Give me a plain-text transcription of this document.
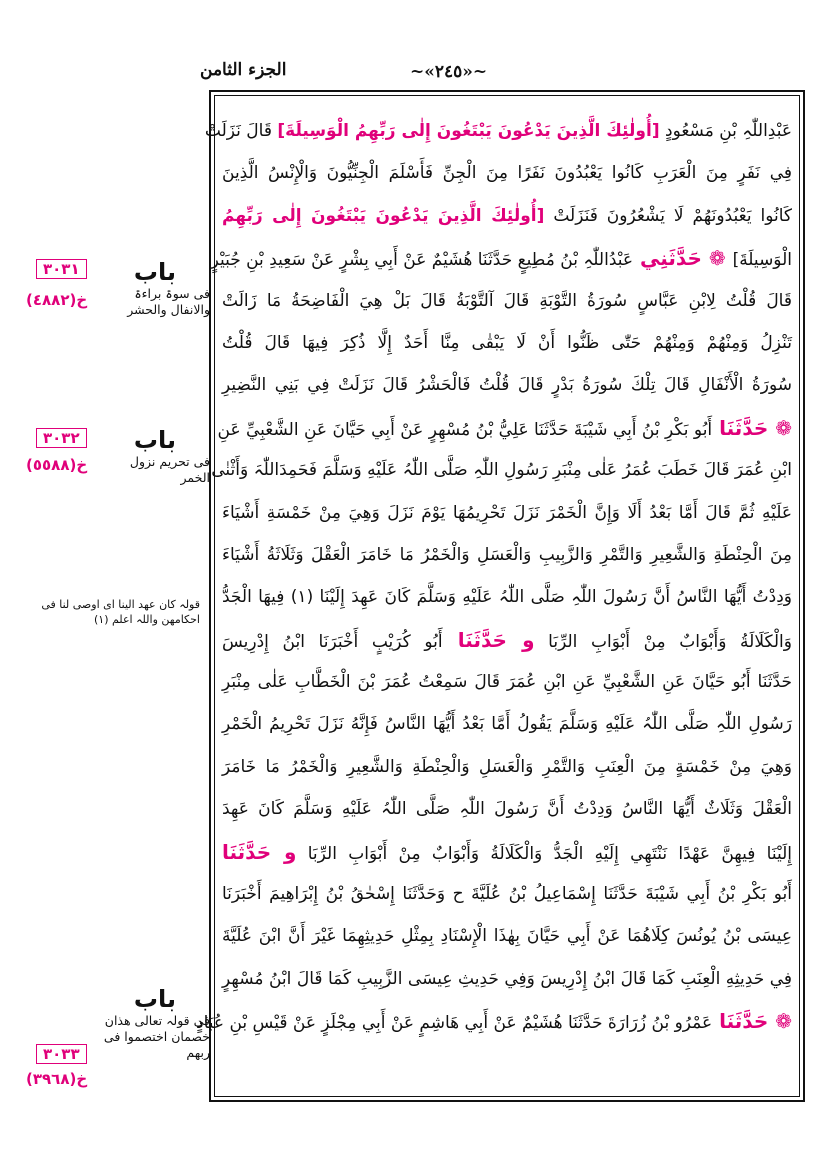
الجزء الثامن	~«٢٤٥»~
عَبْدِاللّٰہِ بْنِ مَسْعُودٍ [أُولٰئِكَ الَّذِينَ يَدْعُونَ يَبْتَغُونَ إِلٰى رَبِّهِمُ الْوَسِيلَةَ] قَالَ نَزَلَتْ
فِي نَفَرٍ مِنَ الْعَرَبِ كَانُوا يَعْبُدُونَ نَفَرًا مِنَ الْجِنِّ فَأَسْلَمَ الْجِنِّيُّونَ وَالْإِنْسُ الَّذِينَ
كَانُوا يَعْبُدُونَهُمْ لَا يَشْعُرُونَ فَنَزَلَتْ [أُولٰئِكَ الَّذِينَ يَدْعُونَ يَبْتَغُونَ إِلٰى رَبِّهِمُ
الْوَسِيلَةَ] ❁ حَدَّثَنِي عَبْدُاللّٰہِ بْنُ مُطِيعٍ حَدَّثَنَا هُشَيْمٌ عَنْ أَبِي بِشْرٍ عَنْ سَعِيدِ بْنِ جُبَيْرٍ
قَالَ قُلْتُ لِابْنِ عَبَّاسٍ سُورَةُ التَّوْبَةِ قَالَ آلتَّوْبَةُ قَالَ بَلْ هِيَ الْفَاضِحَةُ مَا زَالَتْ
تَنْزِلُ وَمِنْهُمْ وَمِنْهُمْ حَتّٰى ظَنُّوا أَنْ لَا يَبْقٰى مِنَّا أَحَدٌ إِلَّا ذُكِرَ فِيهَا قَالَ قُلْتُ
سُورَةُ الْأَنْفَالِ قَالَ تِلْكَ سُورَةُ بَدْرٍ قَالَ قُلْتُ فَالْحَشْرُ قَالَ نَزَلَتْ فِي بَنِي النَّضِيرِ
❁ حَدَّثَنَا أَبُو بَكْرِ بْنُ أَبِي شَيْبَةَ حَدَّثَنَا عَلِيُّ بْنُ مُسْهِرٍ عَنْ أَبِي حَيَّانَ عَنِ الشَّعْبِيِّ عَنِ
ابْنِ عُمَرَ قَالَ خَطَبَ عُمَرُ عَلٰى مِنْبَرِ رَسُولِ اللّٰہِ صَلَّى اللّٰہُ عَلَيْهِ وَسَلَّمَ فَحَمِدَاللّٰہَ وَأَثْنٰى
عَلَيْهِ ثُمَّ قَالَ أَمَّا بَعْدُ أَلَا وَإِنَّ الْخَمْرَ نَزَلَ تَحْرِيمُهَا يَوْمَ نَزَلَ وَهِيَ مِنْ خَمْسَةِ أَشْيَاءَ
مِنَ الْحِنْطَةِ وَالشَّعِيرِ وَالتَّمْرِ وَالزَّبِيبِ وَالْعَسَلِ وَالْخَمْرُ مَا خَامَرَ الْعَقْلَ وَثَلَاثَةُ أَشْيَاءَ
وَدِدْتُ أَيُّهَا النَّاسُ أَنَّ رَسُولَ اللّٰہِ صَلَّى اللّٰہُ عَلَيْهِ وَسَلَّمَ كَانَ عَهِدَ إِلَيْنَا (١) فِيهَا الْجَدُّ
وَالْكَلَالَةُ وَأَبْوَابٌ مِنْ أَبْوَابِ الرِّبَا و حَدَّثَنَا أَبُو كُرَيْبٍ أَخْبَرَنَا ابْنُ إِدْرِيسَ
حَدَّثَنَا أَبُو حَيَّانَ عَنِ الشَّعْبِيِّ عَنِ ابْنِ عُمَرَ قَالَ سَمِعْتُ عُمَرَ بْنَ الْخَطَّابِ عَلٰى مِنْبَرِ
رَسُولِ اللّٰہِ صَلَّى اللّٰہُ عَلَيْهِ وَسَلَّمَ يَقُولُ أَمَّا بَعْدُ أَيُّهَا النَّاسُ فَإِنَّهُ نَزَلَ تَحْرِيمُ الْخَمْرِ
وَهِيَ مِنْ خَمْسَةٍ مِنَ الْعِنَبِ وَالتَّمْرِ وَالْعَسَلِ وَالْحِنْطَةِ وَالشَّعِيرِ وَالْخَمْرُ مَا خَامَرَ
الْعَقْلَ وَثَلَاثٌ أَيُّهَا النَّاسُ وَدِدْتُ أَنَّ رَسُولَ اللّٰہِ صَلَّى اللّٰہُ عَلَيْهِ وَسَلَّمَ كَانَ عَهِدَ
إِلَيْنَا فِيهِنَّ عَهْدًا نَنْتَهِي إِلَيْهِ الْجَدُّ وَالْكَلَالَةُ وَأَبْوَابٌ مِنْ أَبْوَابِ الرِّبَا و حَدَّثَنَا
أَبُو بَكْرِ بْنُ أَبِي شَيْبَةَ حَدَّثَنَا إِسْمَاعِيلُ بْنُ عُلَيَّةَ ح وَحَدَّثَنَا إِسْحٰقُ بْنُ إِبْرَاهِيمَ أَخْبَرَنَا
عِيسَى بْنُ يُونُسَ كِلَاهُمَا عَنْ أَبِي حَيَّانَ بِهٰذَا الْإِسْنَادِ بِمِثْلِ حَدِيثِهِمَا غَيْرَ أَنَّ ابْنَ عُلَيَّةَ
فِي حَدِيثِهِ الْعِنَبِ كَمَا قَالَ ابْنُ إِدْرِيسَ وَفِي حَدِيثِ عِيسَى الزَّبِيبِ كَمَا قَالَ ابْنُ مُسْهِرٍ
❁ حَدَّثَنَا عَمْرُو بْنُ زُرَارَةَ حَدَّثَنَا هُشَيْمٌ عَنْ أَبِي هَاشِمٍ عَنْ أَبِي مِجْلَزٍ عَنْ قَيْسِ بْنِ عُبَادٍ
باب
فی سوۃ براءۃ والانفال والحشر
٣٠٣١
خ(٤٨٨٢)
باب
فی تحریم نزول الخمر
٣٠٣٢
خ(٥٥٨٨)
قولہ کان عهد الينا ای اوصی لنا فی احکامهن واللہ اعلم (١)
باب
فی قولہ تعالی هذان خصمان اختصموا فی ربهم
٣٠٣٣
خ(٣٩٦٨)
